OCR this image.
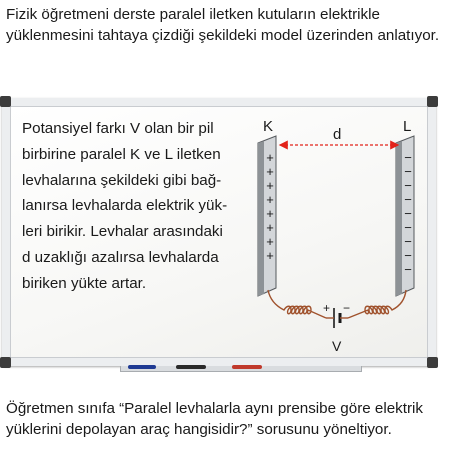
Fizik öğretmeni derste paralel iletken kutuların elektrikle yüklenmesini tahtaya çizdiği şekildeki model üzerinden anlatıyor.

Potansiyel farkı V olan bir pil
birbirine paralel K ve L iletken
levhalarına şekildeki gibi bağ-
lanırsa levhalarda elektrik yük-
leri birikir. Levhalar arasındaki
d uzaklığı azalırsa levhalarda
biriken yükte artar.
K	L
d
+
+
+
+
+
+
+
+
−
−
−
−
−
−
−
−
−
+ −
V

Öğretmen sınıfa “Paralel levhalarla aynı prensibe göre elektrik yüklerini depolayan araç hangisidir?” sorusunu yöneltiyor.
